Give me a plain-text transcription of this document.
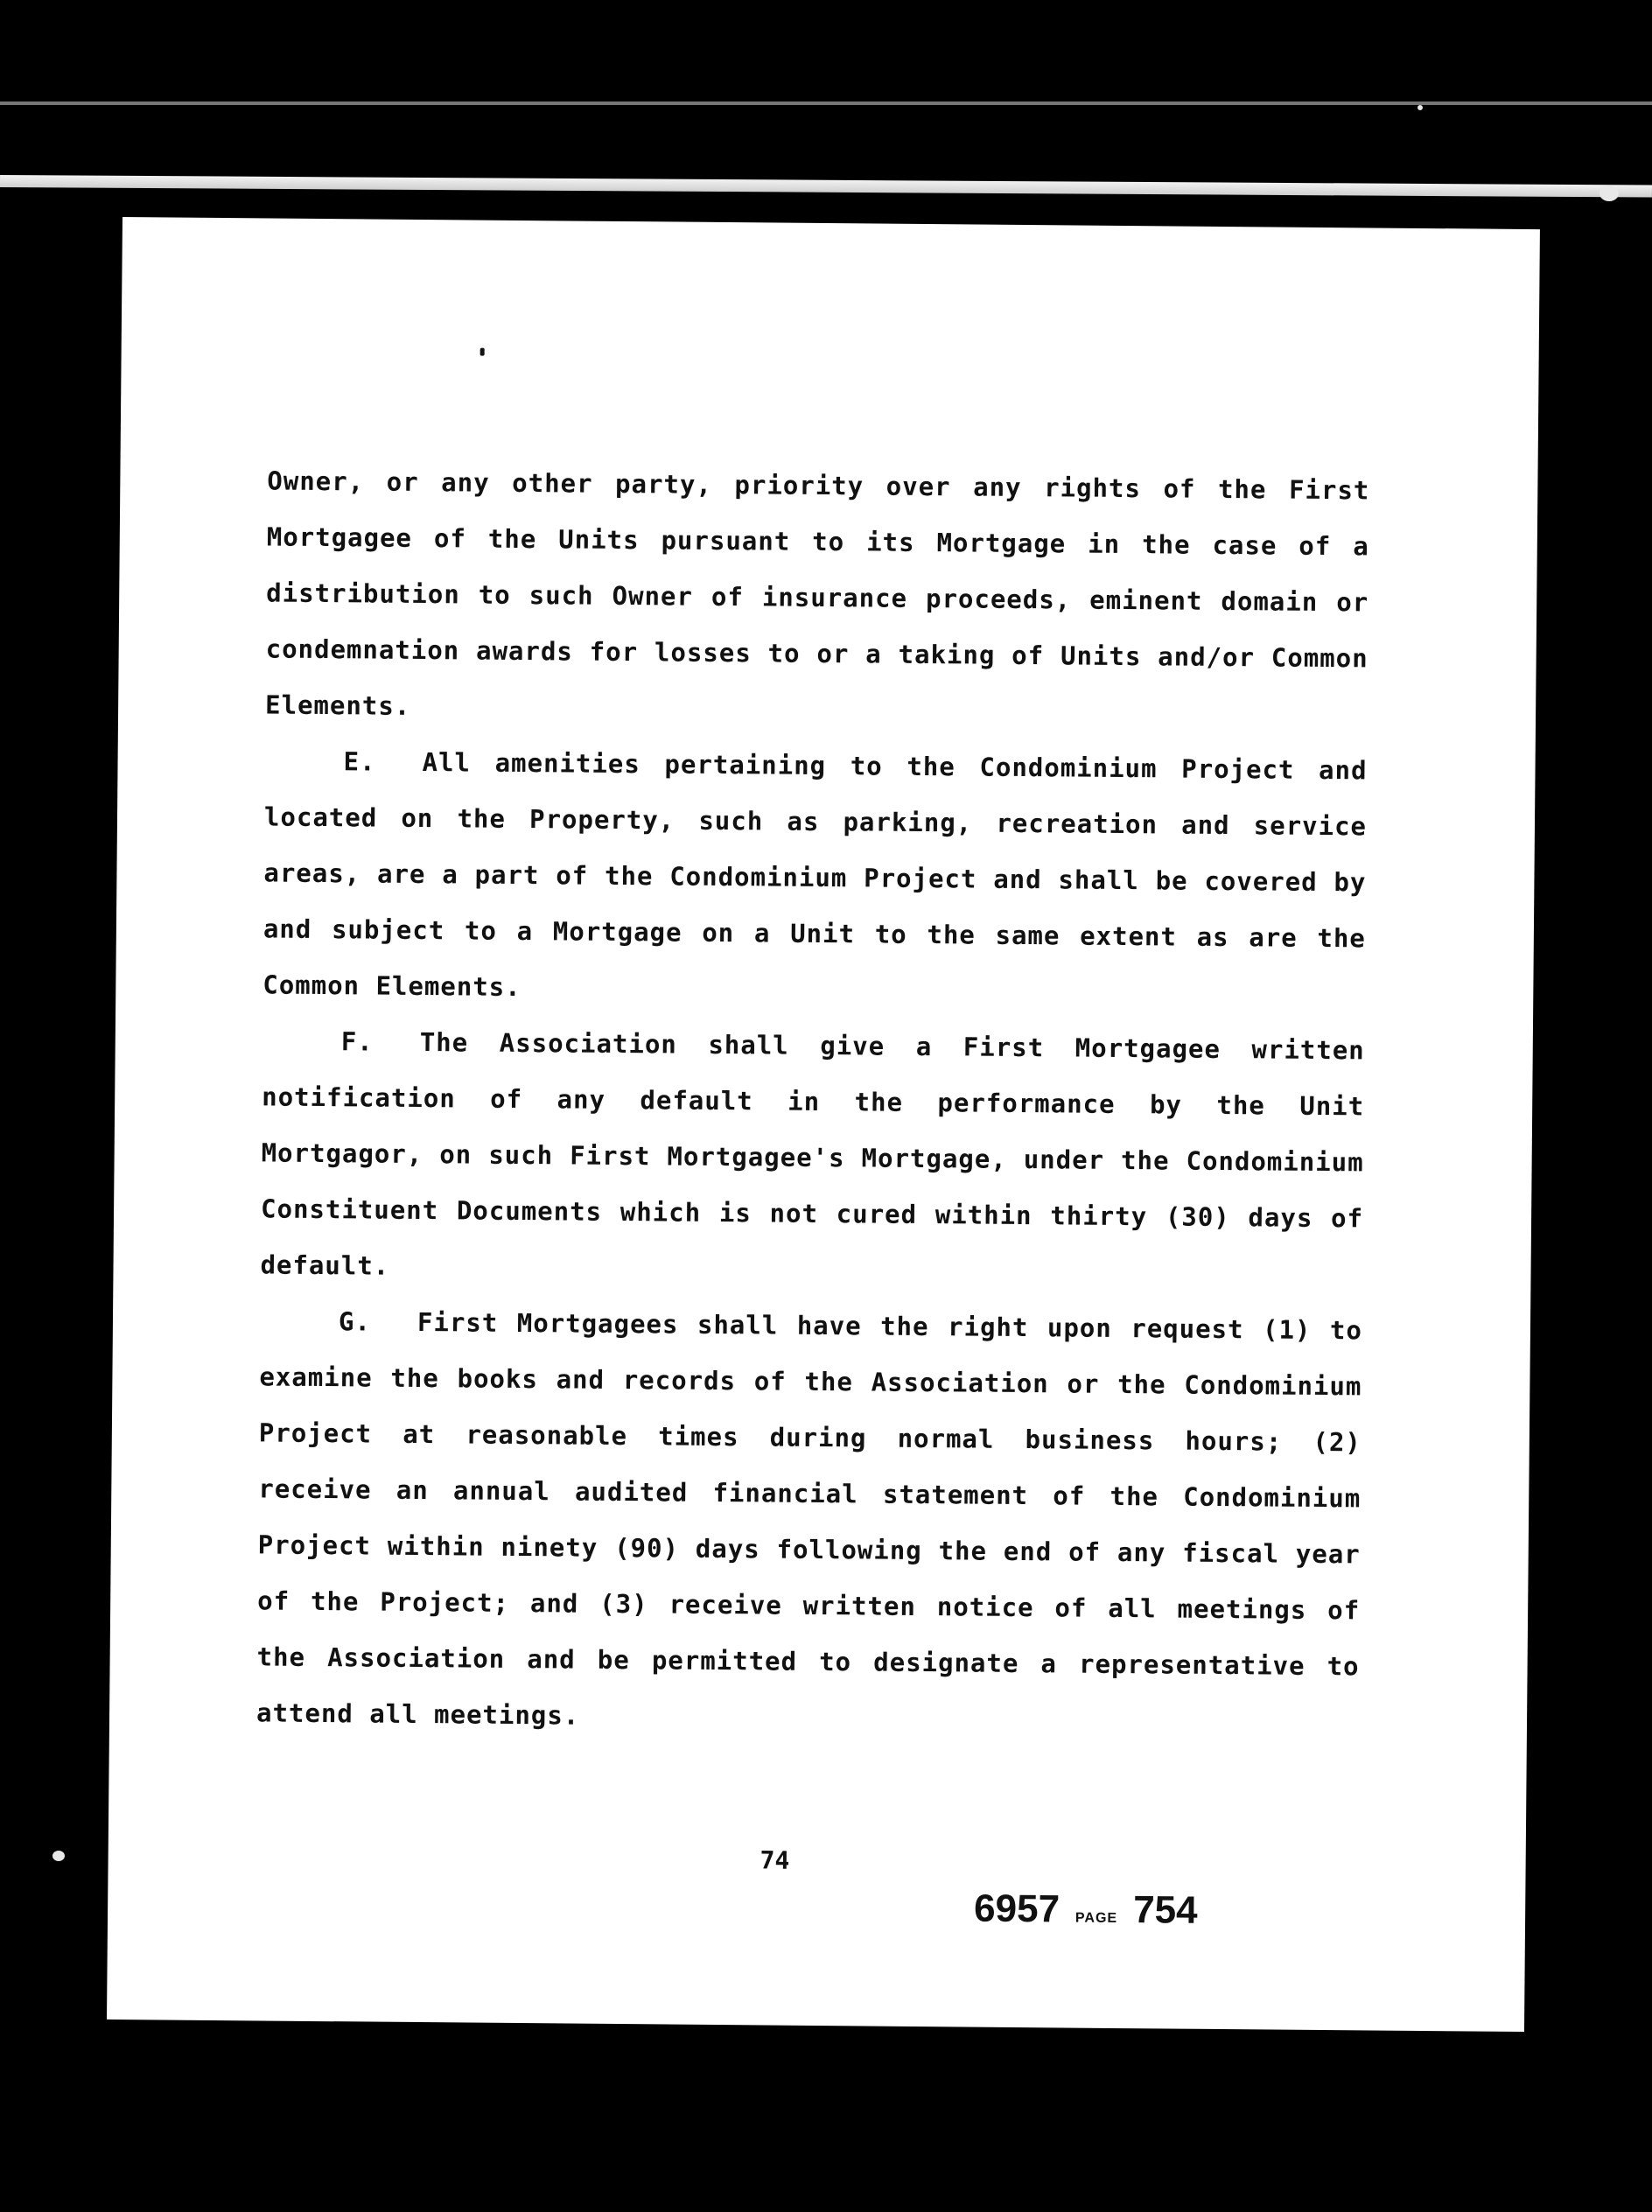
Owner, or any other party, priority over any rights of the First Mortgagee of the Units pursuant to its Mortgage in the case of a distribution to such Owner of insurance proceeds, eminent domain or condemnation awards for losses to or a taking of Units and/or Common Elements.

E. All amenities pertaining to the Condominium Project and located on the Property, such as parking, recreation and service areas, are a part of the Condominium Project and shall be covered by and subject to a Mortgage on a Unit to the same extent as are the Common Elements.

F. The Association shall give a First Mortgagee written notification of any default in the performance by the Unit Mortgagor, on such First Mortgagee's Mortgage, under the Condominium Constituent Documents which is not cured within thirty (30) days of default.

G. First Mortgagees shall have the right upon request (1) to examine the books and records of the Association or the Condominium Project at reasonable times during normal business hours; (2) receive an annual audited financial statement of the Condominium Project within ninety (90) days following the end of any fiscal year of the Project; and (3) receive written notice of all meetings of the Association and be permitted to designate a representative to attend all meetings.

74
6957 PAGE 754
